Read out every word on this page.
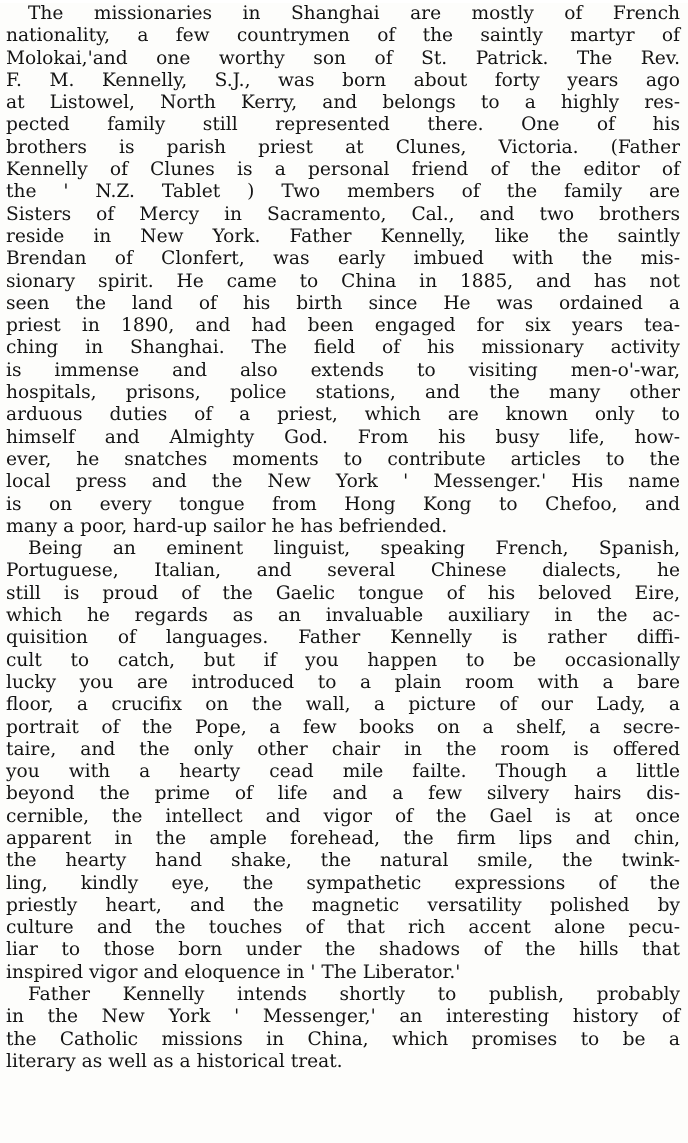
The missionaries in Shanghai are mostly of French
nationality, a few countrymen of the saintly martyr of
Molokai,'and one worthy son of St. Patrick. The Rev.
F. M. Kennelly, S.J., was born about forty years ago
at Listowel, North Kerry, and belongs to a highly res-
pected family still represented there. One of his
brothers is parish priest at Clunes, Victoria. (Father
Kennelly of Clunes is a personal friend of the editor of
the ' N.Z. Tablet ) Two members of the family are
Sisters of Mercy in Sacramento, Cal., and two brothers
reside in New York. Father Kennelly, like the saintly
Brendan of Clonfert, was early imbued with the mis-
sionary spirit. He came to China in 1885, and has not
seen the land of his birth since He was ordained a
priest in 1890, and had been engaged for six years tea-
ching in Shanghai. The field of his missionary activity
is immense and also extends to visiting men-o'-war,
hospitals, prisons, police stations, and the many other
arduous duties of a priest, which are known only to
himself and Almighty God. From his busy life, how-
ever, he snatches moments to contribute articles to the
local press and the New York ' Messenger.' His name
is on every tongue from Hong Kong to Chefoo, and
many a poor, hard-up sailor he has befriended.
Being an eminent linguist, speaking French, Spanish,
Portuguese, Italian, and several Chinese dialects, he
still is proud of the Gaelic tongue of his beloved Eire,
which he regards as an invaluable auxiliary in the ac-
quisition of languages. Father Kennelly is rather diffi-
cult to catch, but if you happen to be occasionally
lucky you are introduced to a plain room with a bare
floor, a crucifix on the wall, a picture of our Lady, a
portrait of the Pope, a few books on a shelf, a secre-
taire, and the only other chair in the room is offered
you with a hearty cead mile failte. Though a little
beyond the prime of life and a few silvery hairs dis-
cernible, the intellect and vigor of the Gael is at once
apparent in the ample forehead, the firm lips and chin,
the hearty hand shake, the natural smile, the twink-
ling, kindly eye, the sympathetic expressions of the
priestly heart, and the magnetic versatility polished by
culture and the touches of that rich accent alone pecu-
liar to those born under the shadows of the hills that
inspired vigor and eloquence in ' The Liberator.'
Father Kennelly intends shortly to publish, probably
in the New York ' Messenger,' an interesting history of
the Catholic missions in China, which promises to be a
literary as well as a historical treat.
